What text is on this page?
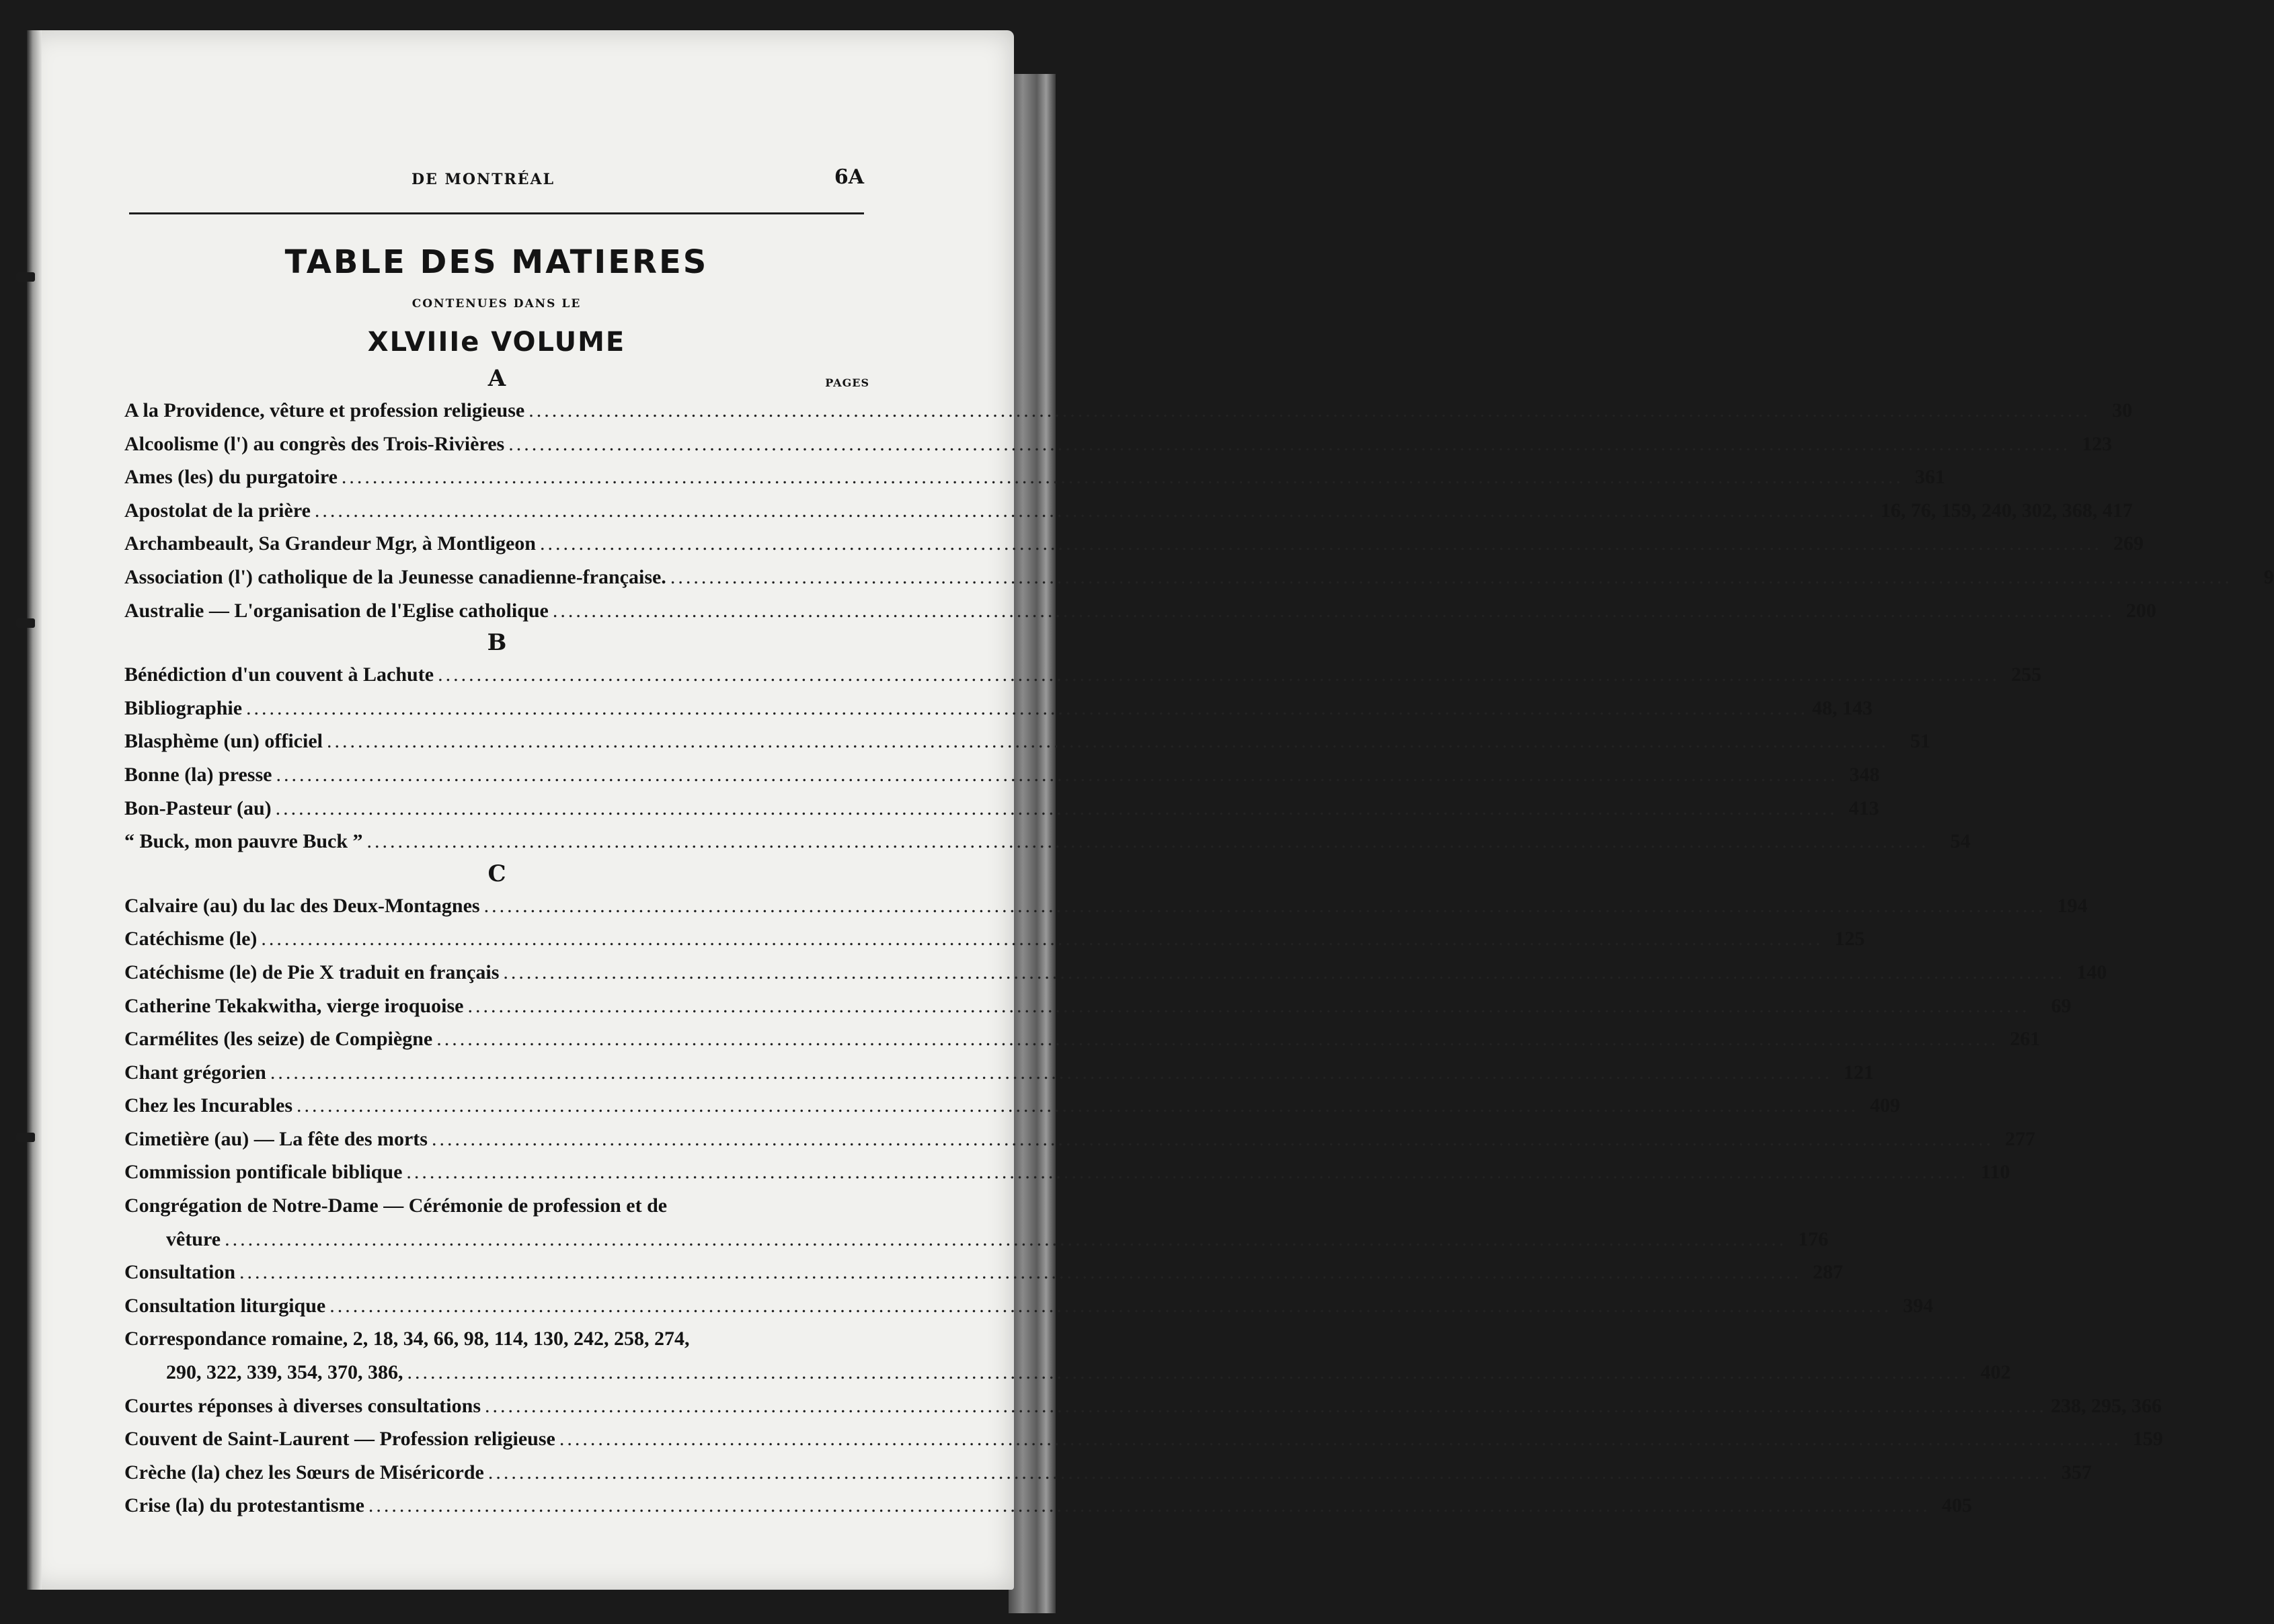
DE MONTRÉAL	6A
TABLE DES MATIERES
CONTENUES DANS LE
XLVIIIe VOLUME
PAGES
A
A la Providence, vêture et profession religieuse ..........................................................................................................................................................................................................	30
Alcoolisme (l') au congrès des Trois-Rivières .......................................................................................................................................................................................................... 123
Ames (les) du purgatoire .......................................................................................................................................................................................................... 361
Apostolat de la prière .......................................................................................................................................................................................................... 16, 76, 159, 240, 302, 368, 417
Archambeault, Sa Grandeur Mgr, à Montligeon .......................................................................................................................................................................................................... 269
Association (l') catholique de la Jeunesse canadienne-française. ..........................................................................................................................................................................................................	9
Australie — L'organisation de l'Eglise catholique .......................................................................................................................................................................................................... 200
B
Bénédiction d'un couvent à Lachute .......................................................................................................................................................................................................... 255
Bibliographie .......................................................................................................................................................................................................... 48, 143
Blasphème (un) officiel ..........................................................................................................................................................................................................	51
Bonne (la) presse .......................................................................................................................................................................................................... 348
Bon-Pasteur (au) .......................................................................................................................................................................................................... 413
“ Buck, mon pauvre Buck ” ..........................................................................................................................................................................................................	54
C
Calvaire (au) du lac des Deux-Montagnes .......................................................................................................................................................................................................... 194
Catéchisme (le) .......................................................................................................................................................................................................... 125
Catéchisme (le) de Pie X traduit en français .......................................................................................................................................................................................................... 140
Catherine Tekakwitha, vierge iroquoise ..........................................................................................................................................................................................................	69
Carmélites (les seize) de Compiègne .......................................................................................................................................................................................................... 261
Chant grégorien .......................................................................................................................................................................................................... 121
Chez les Incurables .......................................................................................................................................................................................................... 409
Cimetière (au) — La fête des morts .......................................................................................................................................................................................................... 277
Commission pontificale biblique .......................................................................................................................................................................................................... 110
Congrégation de Notre-Dame — Cérémonie de profession et de
vêture .......................................................................................................................................................................................................... 176
Consultation .......................................................................................................................................................................................................... 287
Consultation liturgique .......................................................................................................................................................................................................... 394
Correspondance romaine, 2, 18, 34, 66, 98, 114, 130, 242, 258, 274,
290, 322, 339, 354, 370, 386, .......................................................................................................................................................................................................... 402
Courtes réponses à diverses consultations .......................................................................................................................................................................................................... 238, 295, 366
Couvent de Saint-Laurent — Profession religieuse .......................................................................................................................................................................................................... 159
Crèche (la) chez les Sœurs de Miséricorde .......................................................................................................................................................................................................... 357
Crise (la) du protestantisme .......................................................................................................................................................................................................... 405
